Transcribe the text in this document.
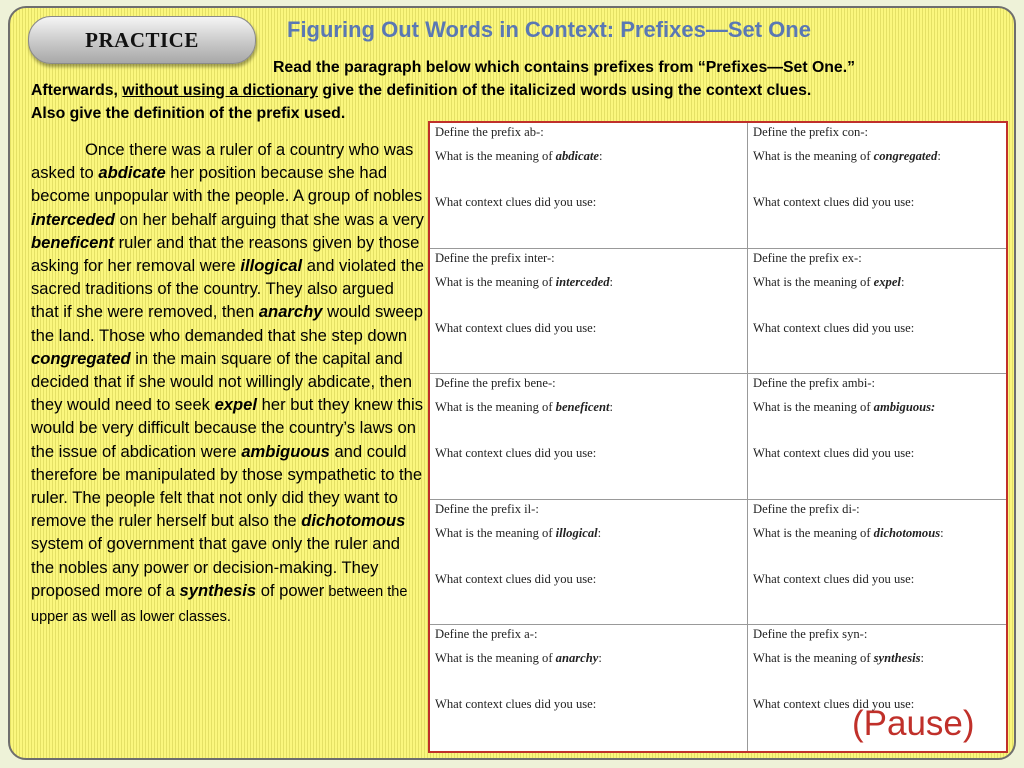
PRACTICE	Figuring Out Words in Context: Prefixes—Set One
Read the paragraph below which contains prefixes from “Prefixes—Set One.”
Afterwards, without using a dictionary give the definition of the italicized words using the context clues.
Also give the definition of the prefix used.
Once there was a ruler of a country who was asked to abdicate her position because she had become unpopular with the people. A group of nobles interceded on her behalf arguing that she was a very beneficent ruler and that the reasons given by those asking for her removal were illogical and violated the sacred traditions of the country. They also argued that if she were removed, then anarchy would sweep the land. Those who demanded that she step down congregated in the main square of the capital and decided that if she would not willingly abdicate, then they would need to seek expel her but they knew this would be very difficult because the country’s laws on the issue of abdication were ambiguous and could therefore be manipulated by those sympathetic to the ruler. The people felt that not only did they want to remove the ruler herself but also the dichotomous system of government that gave only the ruler and the nobles any power or decision-making. They proposed more of a synthesis of power between the upper as well as lower classes.
Define the prefix ab-:
What is the meaning of abdicate:
What context clues did you use:
Define the prefix con-:
What is the meaning of congregated:
What context clues did you use:
Define the prefix inter-:
What is the meaning of interceded:
What context clues did you use:
Define the prefix ex-:
What is the meaning of expel:
What context clues did you use:
Define the prefix bene-:
What is the meaning of beneficent:
What context clues did you use:
Define the prefix ambi-:
What is the meaning of ambiguous:
What context clues did you use:
Define the prefix il-:
What is the meaning of illogical:
What context clues did you use:
Define the prefix di-:
What is the meaning of dichotomous:
What context clues did you use:
Define the prefix a-:
What is the meaning of anarchy:
What context clues did you use:
Define the prefix syn-:
What is the meaning of synthesis:
What context clues did you use:
(Pause)
